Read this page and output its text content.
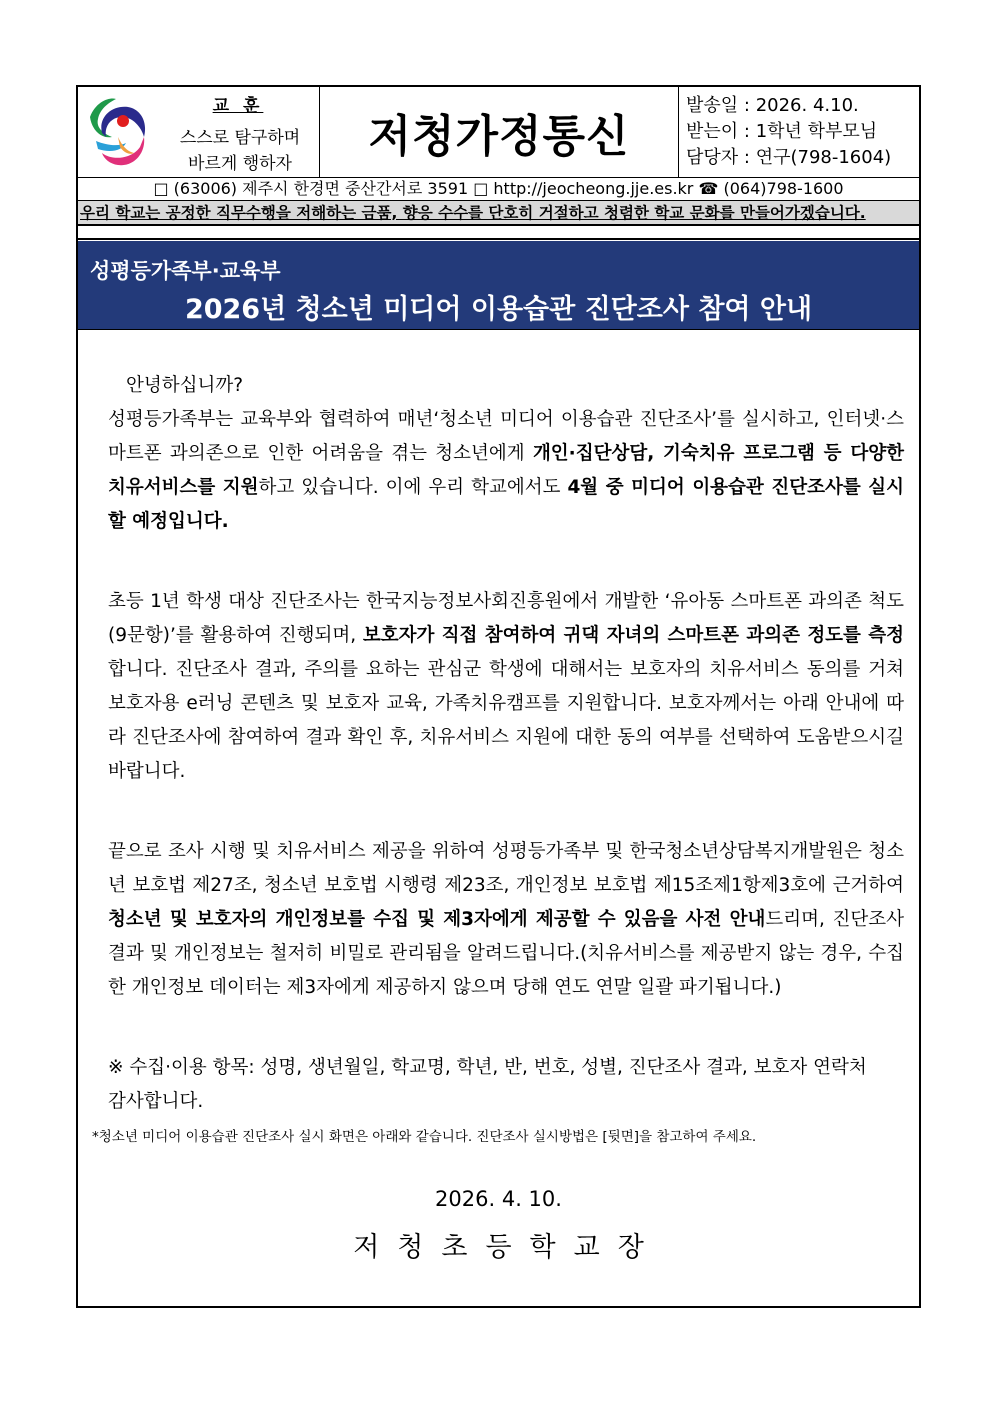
교 훈
스스로 탐구하며
바르게 행하자
저청가정통신
발송일 : 2026. 4.10.
받는이 : 1학년 학부모님
담당자 : 연구(798-1604)
□ (63006) 제주시 한경면 중산간서로 3591 □ http://jeocheong.jje.es.kr ☎ (064)798-1600
우리 학교는 공정한 직무수행을 저해하는 금품, 향응 수수를 단호히 거절하고 청렴한 학교 문화를 만들어가겠습니다.
성평등가족부·교육부
2026년 청소년 미디어 이용습관 진단조사 참여 안내
안녕하십니까?
성평등가족부는 교육부와 협력하여 매년‘청소년 미디어 이용습관 진단조사’를 실시하고, 인터넷·스마트폰 과의존으로 인한 어려움을 겪는 청소년에게 개인·집단상담, 기숙치유 프로그램 등 다양한 치유서비스를 지원하고 있습니다. 이에 우리 학교에서도 4월 중 미디어 이용습관 진단조사를 실시할 예정입니다.
초등 1년 학생 대상 진단조사는 한국지능정보사회진흥원에서 개발한 ‘유아동 스마트폰 과의존 척도(9문항)’를 활용하여 진행되며, 보호자가 직접 참여하여 귀댁 자녀의 스마트폰 과의존 정도를 측정합니다. 진단조사 결과, 주의를 요하는 관심군 학생에 대해서는 보호자의 치유서비스 동의를 거쳐 보호자용 e러닝 콘텐츠 및 보호자 교육, 가족치유캠프를 지원합니다. 보호자께서는 아래 안내에 따라 진단조사에 참여하여 결과 확인 후, 치유서비스 지원에 대한 동의 여부를 선택하여 도움받으시길 바랍니다.
끝으로 조사 시행 및 치유서비스 제공을 위하여 성평등가족부 및 한국청소년상담복지개발원은 청소년 보호법 제27조, 청소년 보호법 시행령 제23조, 개인정보 보호법 제15조제1항제3호에 근거하여 청소년 및 보호자의 개인정보를 수집 및 제3자에게 제공할 수 있음을 사전 안내드리며, 진단조사 결과 및 개인정보는 철저히 비밀로 관리됨을 알려드립니다.(치유서비스를 제공받지 않는 경우, 수집한 개인정보 데이터는 제3자에게 제공하지 않으며 당해 연도 연말 일괄 파기됩니다.)
※ 수집·이용 항목: 성명, 생년월일, 학교명, 학년, 반, 번호, 성별, 진단조사 결과, 보호자 연락처
감사합니다.
*청소년 미디어 이용습관 진단조사 실시 화면은 아래와 같습니다. 진단조사 실시방법은 [뒷면]을 참고하여 주세요.
2026. 4. 10.
저청초등학교장
